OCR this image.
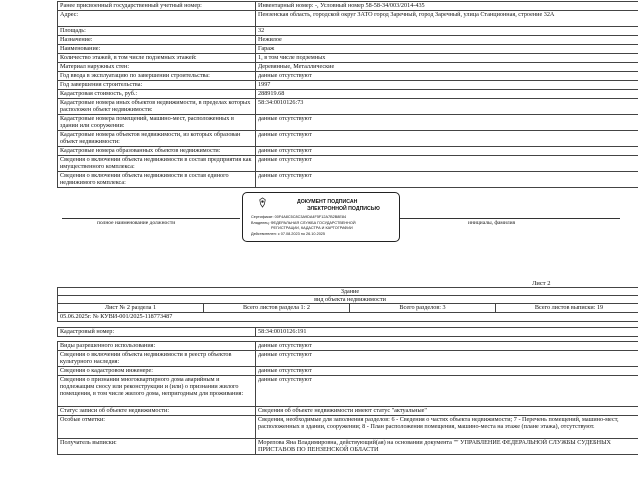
Ранее присвоенный государственный учетный номер:	Инвентарный номер: -, Условный номер 58-58-34/003/2014-435
Адрес:	Пензенская область, городской округ ЗАТО город Заречный, город Заречный, улица Станционная, строение 32А
Площадь:	32
Назначение:	Нежилое
Наименование:	Гараж
Количество этажей, в том числе подземных этажей:	1, в том числе подземных
Материал наружных стен:	Деревянные, Металлические
Год ввода в эксплуатацию по завершении строительства:	данные отсутствуют
Год завершения строительства:	1997
Кадастровая стоимость, руб.:	288919.68
Кадастровые номера иных объектов недвижимости, в пределах которых расположен объект недвижимости:	58:34:0010126:73
Кадастровые номера помещений, машино-мест, расположенных в здании или сооружении:	данные отсутствуют
Кадастровые номера объектов недвижимости, из которых образован объект недвижимости:	данные отсутствуют
Кадастровые номера образованных объектов недвижимости:	данные отсутствуют
Сведения о включении объекта недвижимости в состав предприятия как имущественного комплекса:	данные отсутствуют
Сведения о включении объекта недвижимости в состав единого недвижимого комплекса:	данные отсутствуют
ДОКУМЕНТ ПОДПИСАН
ЭЛЕКТРОННОЙ ПОДПИСЬЮ
Сертификат: 00F4A8C5C8C3A9DA4F5F12A7B2B8E84
Владелец: ФЕДЕРАЛЬНАЯ СЛУЖБА ГОСУДАРСТВЕННОЙ
РЕГИСТРАЦИИ, КАДАСТРА И КАРТОГРАФИИ
Действителен: с 07.08.2023 по 26.10.2025
полное наименование должности	инициалы, фамилия
Лист 2
Здание
вид объекта недвижимости
Лист № 2 раздела 1	Всего листов раздела 1: 2	Всего разделов: 3	Всего листов выписки: 19
05.06.2025г. № КУВИ-001/2025-118773487
Кадастровый номер:	58:34:0010126:191
Виды разрешенного использования:	данные отсутствуют
Сведения о включении объекта недвижимости в реестр объектов культурного наследия:	данные отсутствуют
Сведения о кадастровом инженере:	данные отсутствуют
Сведения о признании многоквартирного дома аварийным и подлежащим сносу или реконструкции и (или) о признании жилого помещения, в том числе жилого дома, непригодным для проживания:	данные отсутствуют
Статус записи об объекте недвижимости:	Сведения об объекте недвижимости имеют статус "актуальные"
Особые отметки:	Сведения, необходимые для заполнения разделов: 6 - Сведения о частях объекта недвижимости; 7 - Перечень помещений, машино-мест, расположенных в здании, сооружении; 8 - План расположения помещения, машино-места на этаже (плане этажа), отсутствуют.
Получатель выписки:	Морепова Яна Владимировна, действующий(ая) на основании документа "" УПРАВЛЕНИЕ ФЕДЕРАЛЬНОЙ СЛУЖБЫ СУДЕБНЫХ ПРИСТАВОВ ПО ПЕНЗЕНСКОЙ ОБЛАСТИ
